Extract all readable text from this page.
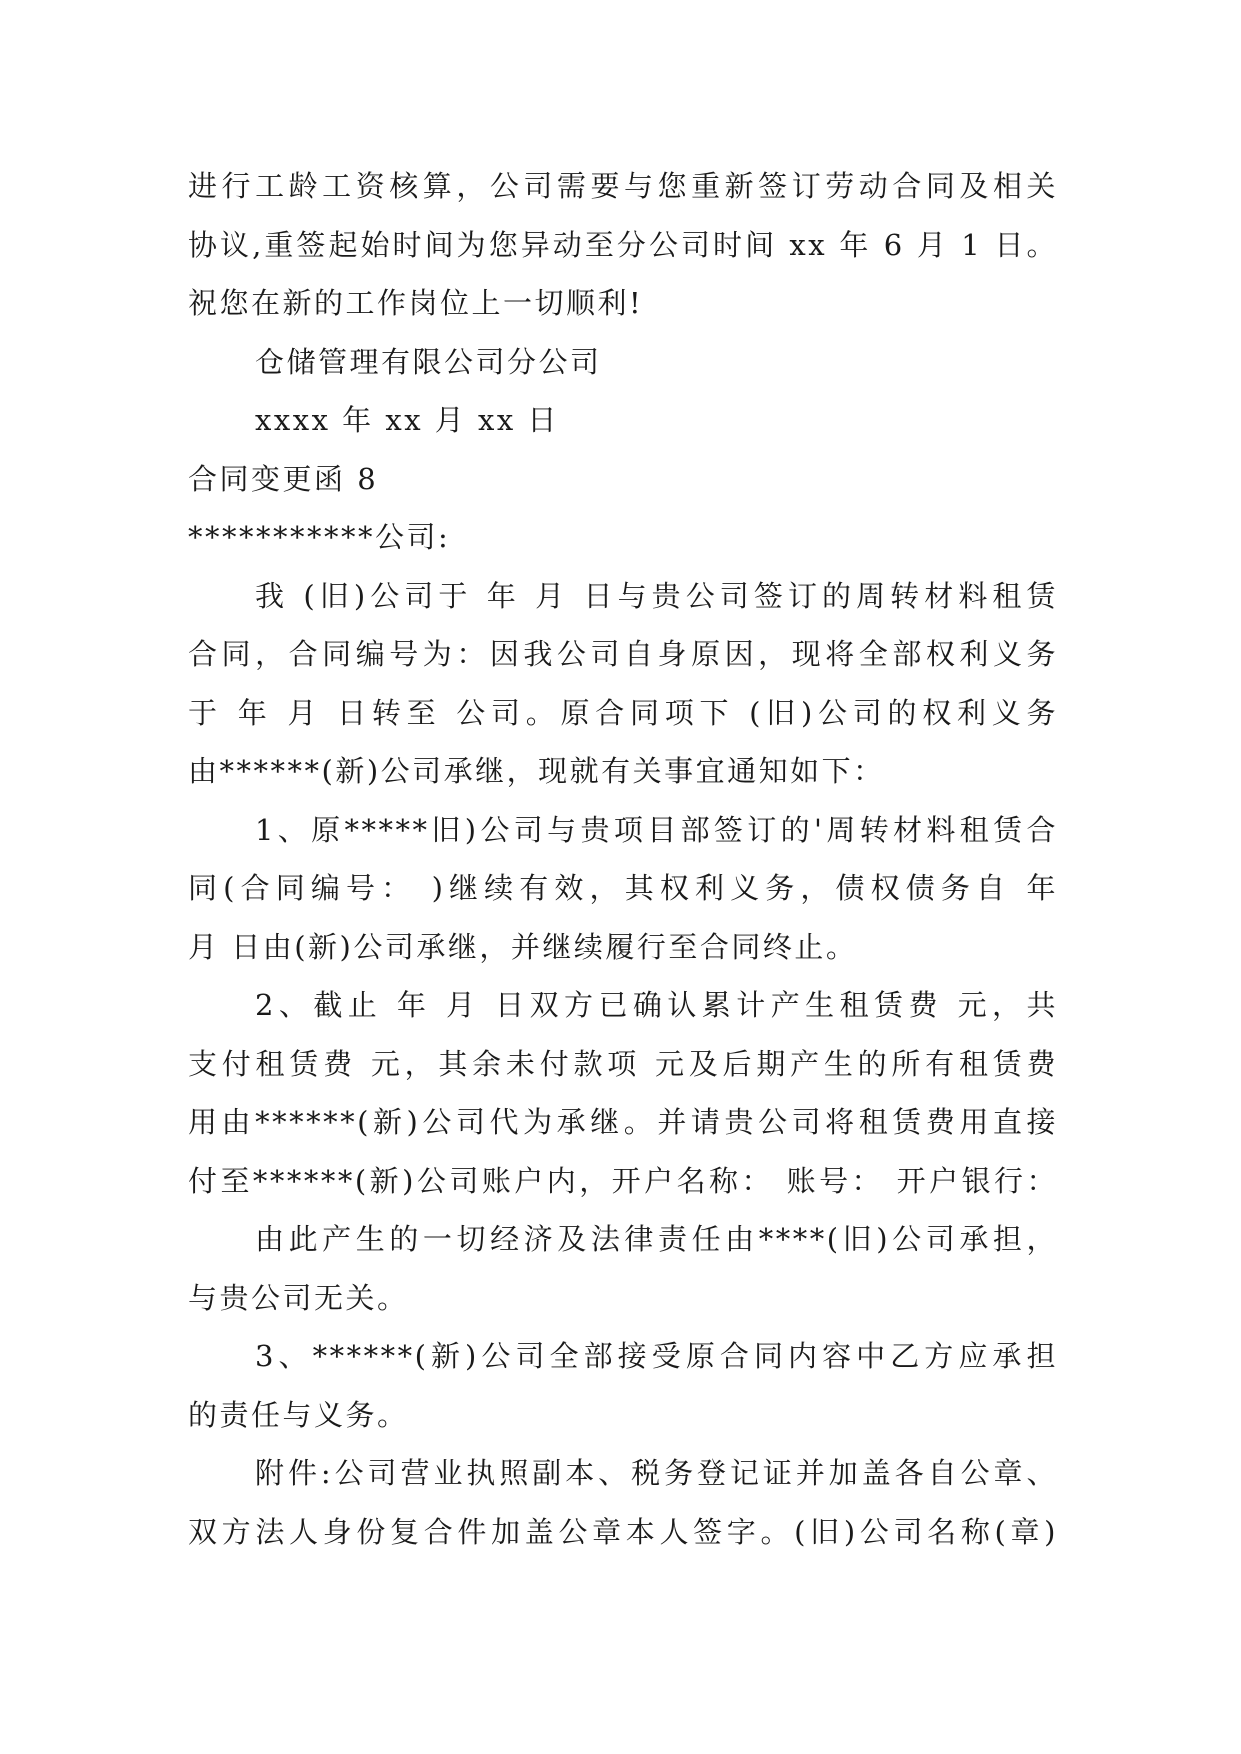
进行工龄工资核算，公司需要与您重新签订劳动合同及相关
协议,重签起始时间为您异动至分公司时间 xx 年 6 月 1 日。
祝您在新的工作岗位上一切顺利!
仓储管理有限公司分公司
xxxx 年 xx 月 xx 日
合同变更函 8
***********公司:
我 (旧)公司于 年 月 日与贵公司签订的周转材料租赁
合同，合同编号为：因我公司自身原因，现将全部权利义务
于 年 月 日转至 公司。原合同项下 (旧)公司的权利义务
由******(新)公司承继，现就有关事宜通知如下：
1、原*****旧)公司与贵项目部签订的'周转材料租赁合
同(合同编号： )继续有效，其权利义务，债权债务自 年
月 日由(新)公司承继，并继续履行至合同终止。
2、截止 年 月 日双方已确认累计产生租赁费 元，共
支付租赁费 元，其余未付款项 元及后期产生的所有租赁费
用由******(新)公司代为承继。并请贵公司将租赁费用直接
付至******(新)公司账户内，开户名称： 账号： 开户银行：
由此产生的一切经济及法律责任由****(旧)公司承担，
与贵公司无关。
3、******(新)公司全部接受原合同内容中乙方应承担
的责任与义务。
附件:公司营业执照副本、税务登记证并加盖各自公章、
双方法人身份复合件加盖公章本人签字。(旧)公司名称(章)
